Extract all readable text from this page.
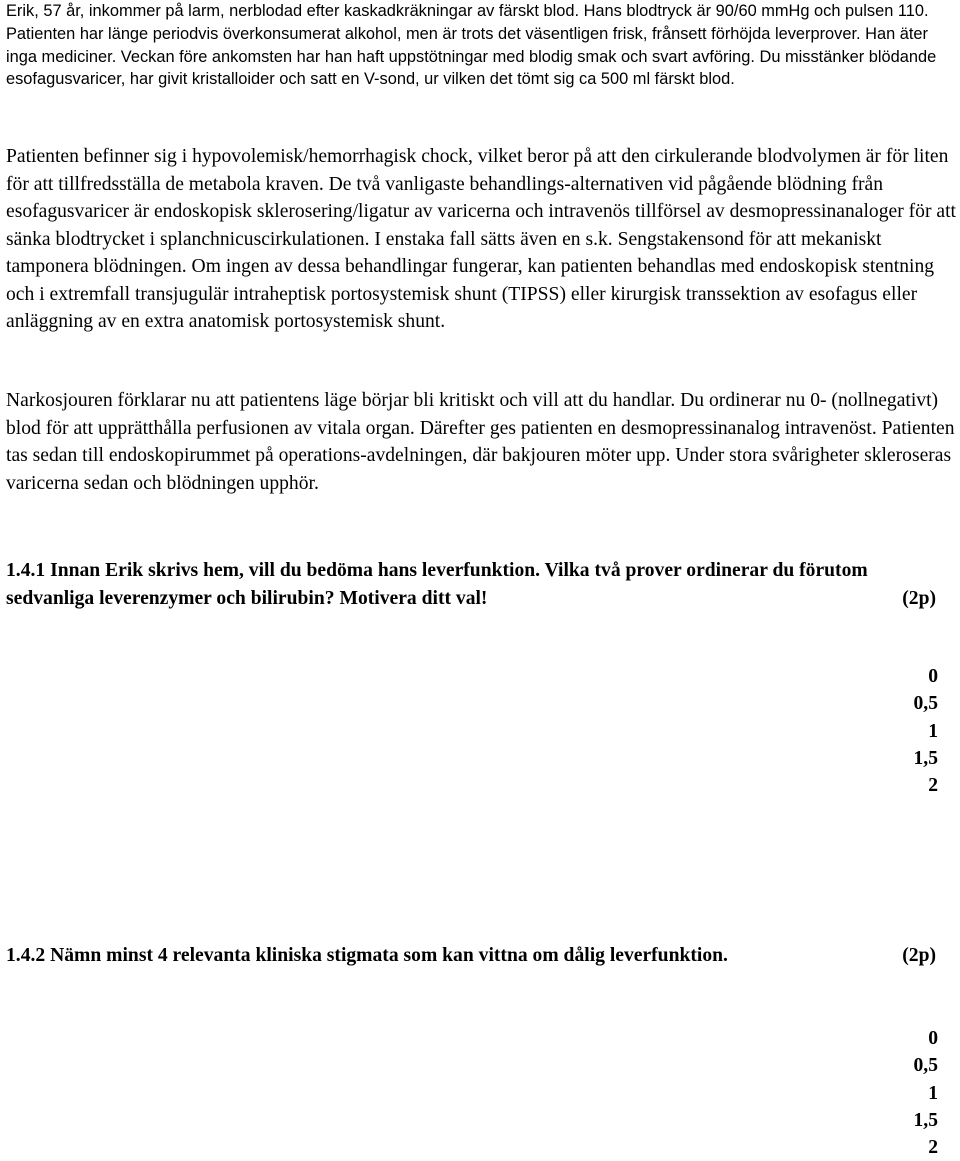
Erik, 57 år, inkommer på larm, nerblodad efter kaskadkräkningar av färskt blod. Hans blodtryck är 90/60 mmHg och pulsen 110. Patienten har länge periodvis överkonsumerat alkohol, men är trots det väsentligen frisk, frånsett förhöjda leverprover. Han äter inga mediciner. Veckan före ankomsten har han haft uppstötningar med blodig smak och svart avföring. Du misstänker blödande esofagusvaricer, har givit kristalloider och satt en V-sond, ur vilken det tömt sig ca 500 ml färskt blod.

Patienten befinner sig i hypovolemisk/hemorrhagisk chock, vilket beror på att den cirkulerande blodvolymen är för liten för att tillfredsställa de metabola kraven. De två vanligaste behandlings-alternativen vid pågående blödning från esofagusvaricer är endoskopisk sklerosering/ligatur av varicerna och intravenös tillförsel av desmopressinanaloger för att sänka blodtrycket i splanchnicuscirkulationen. I enstaka fall sätts även en s.k. Sengstakensond för att mekaniskt tamponera blödningen. Om ingen av dessa behandlingar fungerar, kan patienten behandlas med endoskopisk stentning och i extremfall transjugulär intraheptisk portosystemisk shunt (TIPSS) eller kirurgisk transsektion av esofagus eller anläggning av en extra anatomisk portosystemisk shunt.

Narkosjouren förklarar nu att patientens läge börjar bli kritiskt och vill att du handlar. Du ordinerar nu 0- (nollnegativt) blod för att upprätthålla perfusionen av vitala organ. Därefter ges patienten en desmopressinanalog intravenöst. Patienten tas sedan till endoskopirummet på operations-avdelningen, där bakjouren möter upp. Under stora svårigheter skleroseras varicerna sedan och blödningen upphör.

1.4.1 Innan Erik skrivs hem, vill du bedöma hans leverfunktion. Vilka två prover ordinerar du förutom sedvanliga leverenzymer och bilirubin? Motivera ditt val!	(2p)
0
0,5
1
1,5
2
1.4.2 Nämn minst 4 relevanta kliniska stigmata som kan vittna om dålig leverfunktion.	(2p)
0
0,5
1
1,5
2
